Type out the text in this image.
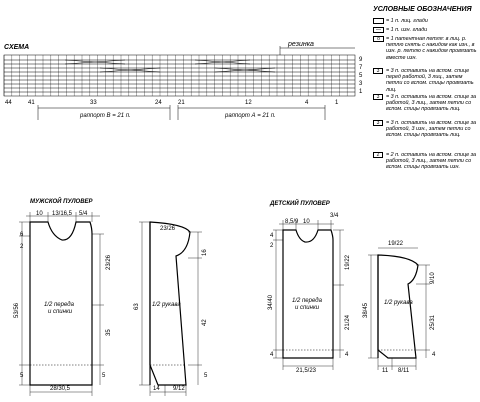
СХЕМА	резинка
9
7
5
3
1
44	41	33	24	21	12	4	1
раппорт В = 21 п.	раппорт А = 21 п.
УСЛОВНЫЕ ОБОЗНАЧЕНИЯ
= 1 п. лиц. глади
— = 1 п. изн. глади
o	= 1 патентная петля: в лиц. р. петлю снять с накидом как изн., в изн. р. петлю с накидом провязать вместе изн.
3	= 3 п. оставить на вспом. спице перед работой, 3 лиц., затем петли со вспом. спицы провязать лиц.
3	= 3 п. оставить на вспом. спице за работой, 3 лиц., затем петли со вспом. спицы провязать лиц.
3	= 3 п. оставить на вспом. спице за работой, 3 изн., затем петли со вспом. спицы провязать лиц.
2	= 2 п. оставить на вспом. спице за работой, 3 лиц., затем петли со вспом. спицы провязать изн.
МУЖСКОЙ ПУЛОВЕР
10 13/16,5 5/4
6
2
53/56
5
23/26
35
5
1/2 переда
и спинки
28/30,5
23/26
16
63 1/2 рукава
42
5
14 9/12
ДЕТСКИЙ ПУЛОВЕР
8,5/9 10
3/4
4
2
34/40
4
19/22
21/24
4
1/2 переда
и спинки
21,5/23
19/22
9/10
38/45	1/2 рукава
25/31
4
11 8/11
